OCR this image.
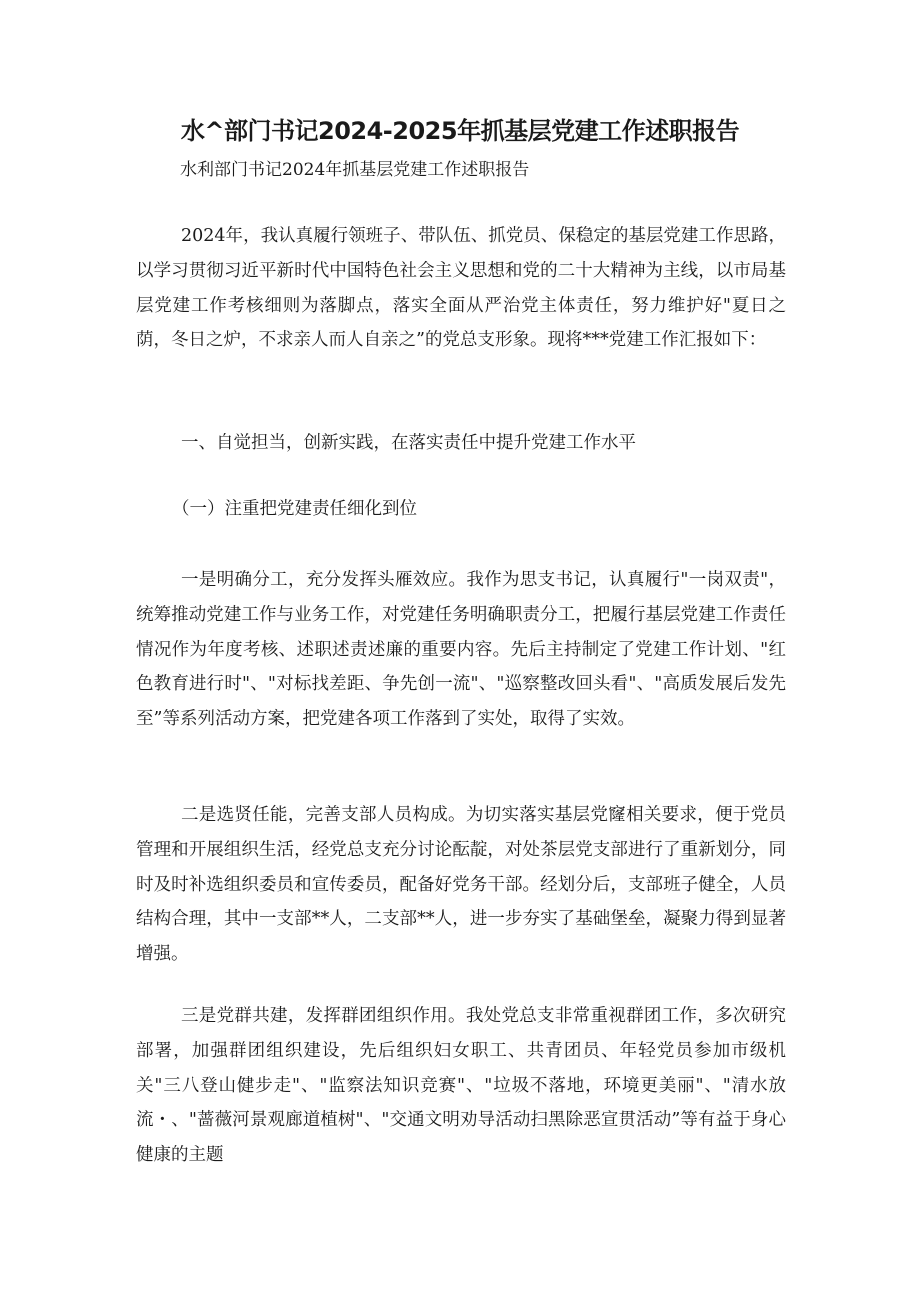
水^部门书记2024-2025年抓基层党建工作述职报告

水利部门书记2024年抓基层党建工作述职报告

2024年，我认真履行领班子、带队伍、抓党员、保稳定的基层党建工作思路，以学习贯彻习近平新时代中国特色社会主义思想和党的二十大精神为主线，以市局基层党建工作考核细则为落脚点，落实全面从严治党主体责任，努力维护好"夏日之荫，冬日之炉，不求亲人而人自亲之”的党总支形象。现将***党建工作汇报如下：

一、自觉担当，创新实践，在落实责任中提升党建工作水平

（一）注重把党建责任细化到位

一是明确分工，充分发挥头雁效应。我作为思支书记，认真履行"一岗双责"，统筹推动党建工作与业务工作，对党建任务明确职责分工，把履行基层党建工作责任情况作为年度考核、述职述责述廉的重要内容。先后主持制定了党建工作计划、"红色教育进行时"、"对标找差距、争先创一流"、"巡察整改回头看"、"高质发展后发先至”等系列活动方案，把党建各项工作落到了实处，取得了实效。

二是选贤任能，完善支部人员构成。为切实落实基层党窿相关要求，便于党员管理和开展组织生活，经党总支充分讨论酝靛，对处茶层党支部进行了重新划分，同时及时补选组织委员和宣传委员，配备好党务干部。经划分后，支部班子健全，人员结构合理，其中一支部**人，二支部**人，进一步夯实了基础堡垒，凝聚力得到显著增强。

三是党群共建，发挥群团组织作用。我处党总支非常重视群团工作，多次研究部署，加强群团组织建设，先后组织妇女职工、共青团员、年轻党员参加市级机关"三八登山健步走"、"监察法知识竞赛"、"垃圾不落地，环境更美丽"、"清水放流・、"蔷薇河景观廊道植树"、"交通文明劝导活动扫黑除恶宣贯活动”等有益于身心健康的主题
